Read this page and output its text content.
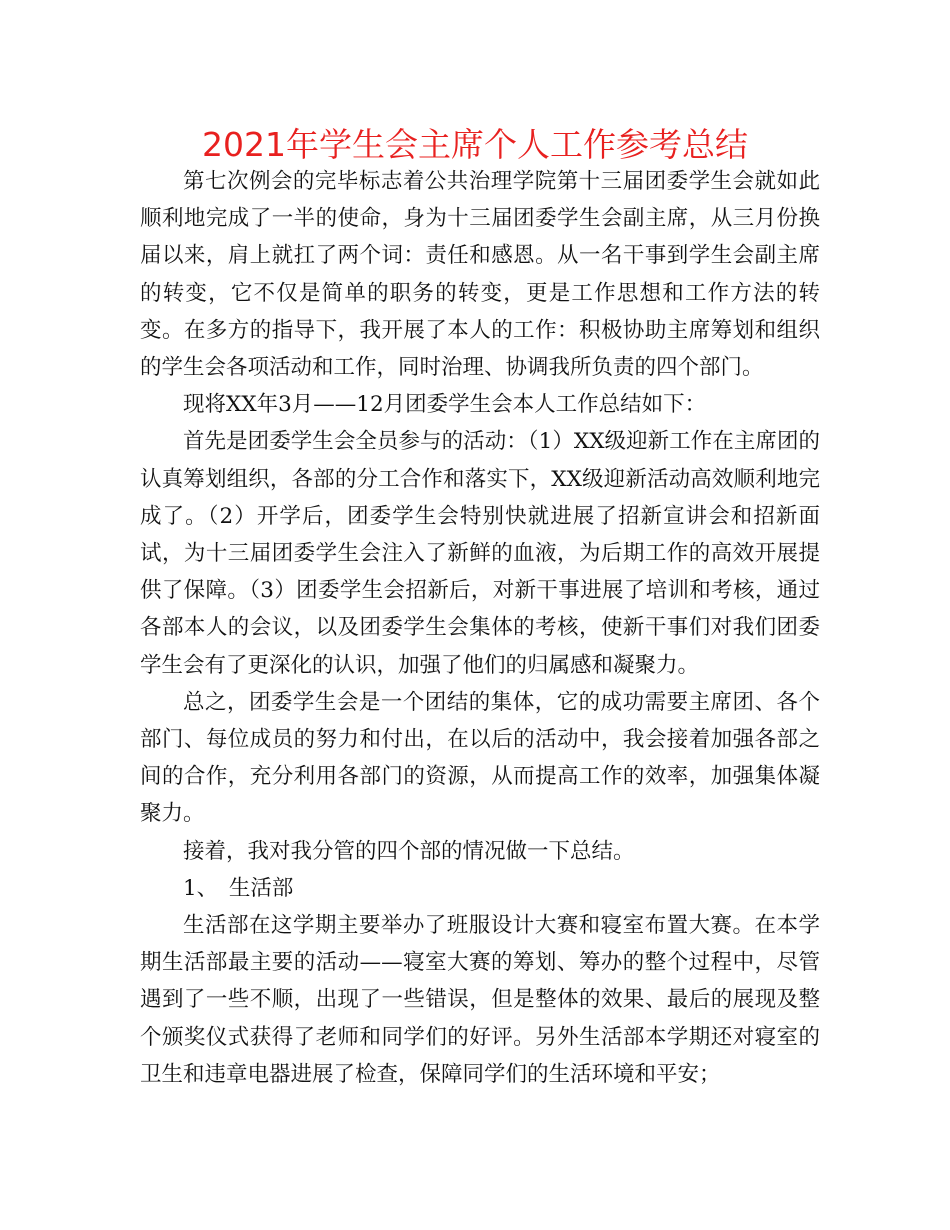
2021年学生会主席个人工作参考总结

第七次例会的完毕标志着公共治理学院第十三届团委学生会就如此顺利地完成了一半的使命，身为十三届团委学生会副主席，从三月份换届以来，肩上就扛了两个词：责任和感恩。从一名干事到学生会副主席的转变，它不仅是简单的职务的转变，更是工作思想和工作方法的转变。在多方的指导下，我开展了本人的工作：积极协助主席筹划和组织的学生会各项活动和工作，同时治理、协调我所负责的四个部门。

现将XX年3月——12月团委学生会本人工作总结如下：

首先是团委学生会全员参与的活动：（1）XX级迎新工作在主席团的认真筹划组织，各部的分工合作和落实下，XX级迎新活动高效顺利地完成了。（2）开学后，团委学生会特别快就进展了招新宣讲会和招新面试，为十三届团委学生会注入了新鲜的血液，为后期工作的高效开展提供了保障。（3）团委学生会招新后，对新干事进展了培训和考核，通过各部本人的会议，以及团委学生会集体的考核，使新干事们对我们团委学生会有了更深化的认识，加强了他们的归属感和凝聚力。

总之，团委学生会是一个团结的集体，它的成功需要主席团、各个部门、每位成员的努力和付出，在以后的活动中，我会接着加强各部之间的合作，充分利用各部门的资源，从而提高工作的效率，加强集体凝聚力。

接着，我对我分管的四个部的情况做一下总结。

1、　生活部

生活部在这学期主要举办了班服设计大赛和寝室布置大赛。在本学期生活部最主要的活动——寝室大赛的筹划、筹办的整个过程中，尽管遇到了一些不顺，出现了一些错误，但是整体的效果、最后的展现及整个颁奖仪式获得了老师和同学们的好评。另外生活部本学期还对寝室的卫生和违章电器进展了检查，保障同学们的生活环境和平安；
